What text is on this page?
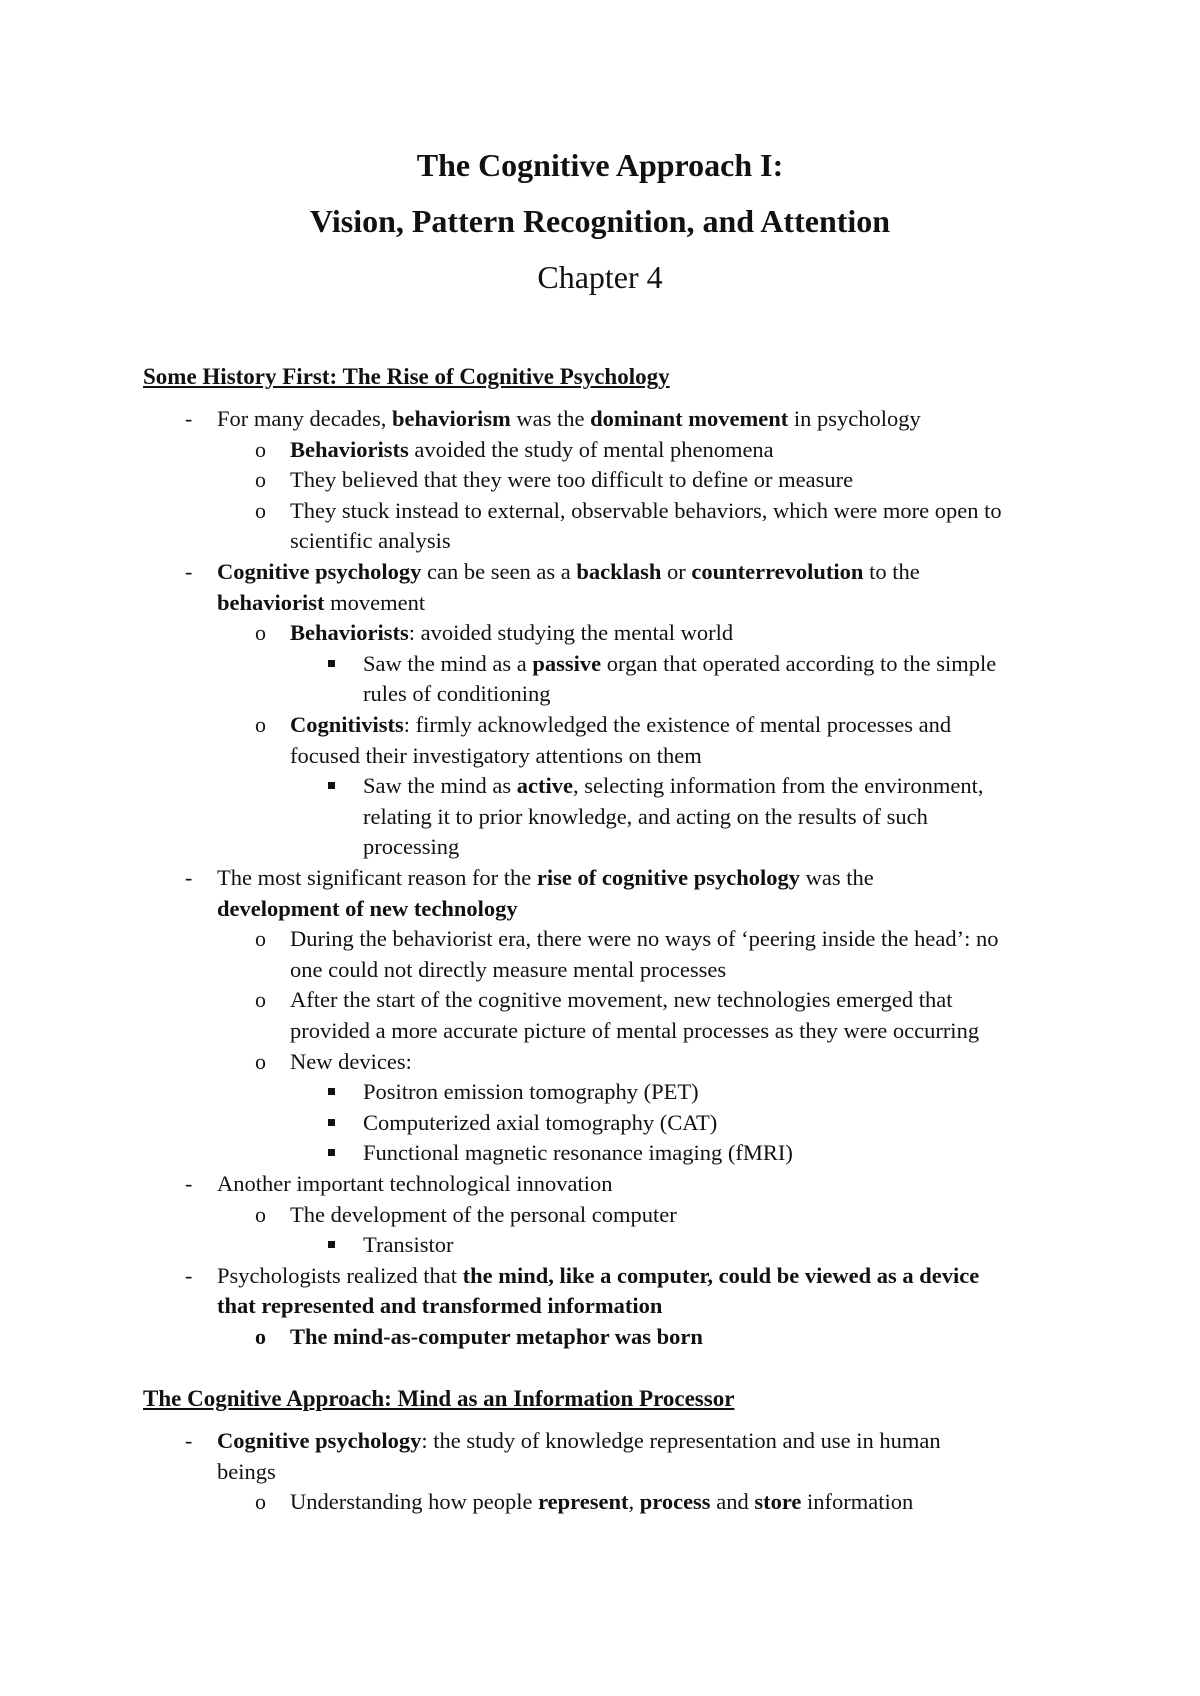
The Cognitive Approach I:
Vision, Pattern Recognition, and Attention
Chapter 4
Some History First: The Rise of Cognitive Psychology
- For many decades, behaviorism was the dominant movement in psychology
o Behaviorists avoided the study of mental phenomena
o They believed that they were too difficult to define or measure
o They stuck instead to external, observable behaviors, which were more open to
scientific analysis
- Cognitive psychology can be seen as a backlash or counterrevolution to the
behaviorist movement
o Behaviorists: avoided studying the mental world
Saw the mind as a passive organ that operated according to the simple
rules of conditioning
o Cognitivists: firmly acknowledged the existence of mental processes and
focused their investigatory attentions on them
Saw the mind as active, selecting information from the environment,
relating it to prior knowledge, and acting on the results of such
processing
- The most significant reason for the rise of cognitive psychology was the
development of new technology
o During the behaviorist era, there were no ways of ‘peering inside the head’: no
one could not directly measure mental processes
o After the start of the cognitive movement, new technologies emerged that
provided a more accurate picture of mental processes as they were occurring
o New devices:
Positron emission tomography (PET)
Computerized axial tomography (CAT)
Functional magnetic resonance imaging (fMRI)
- Another important technological innovation
o The development of the personal computer
Transistor
- Psychologists realized that the mind, like a computer, could be viewed as a device
that represented and transformed information
o The mind-as-computer metaphor was born
The Cognitive Approach: Mind as an Information Processor
- Cognitive psychology: the study of knowledge representation and use in human
beings
o Understanding how people represent, process and store information
